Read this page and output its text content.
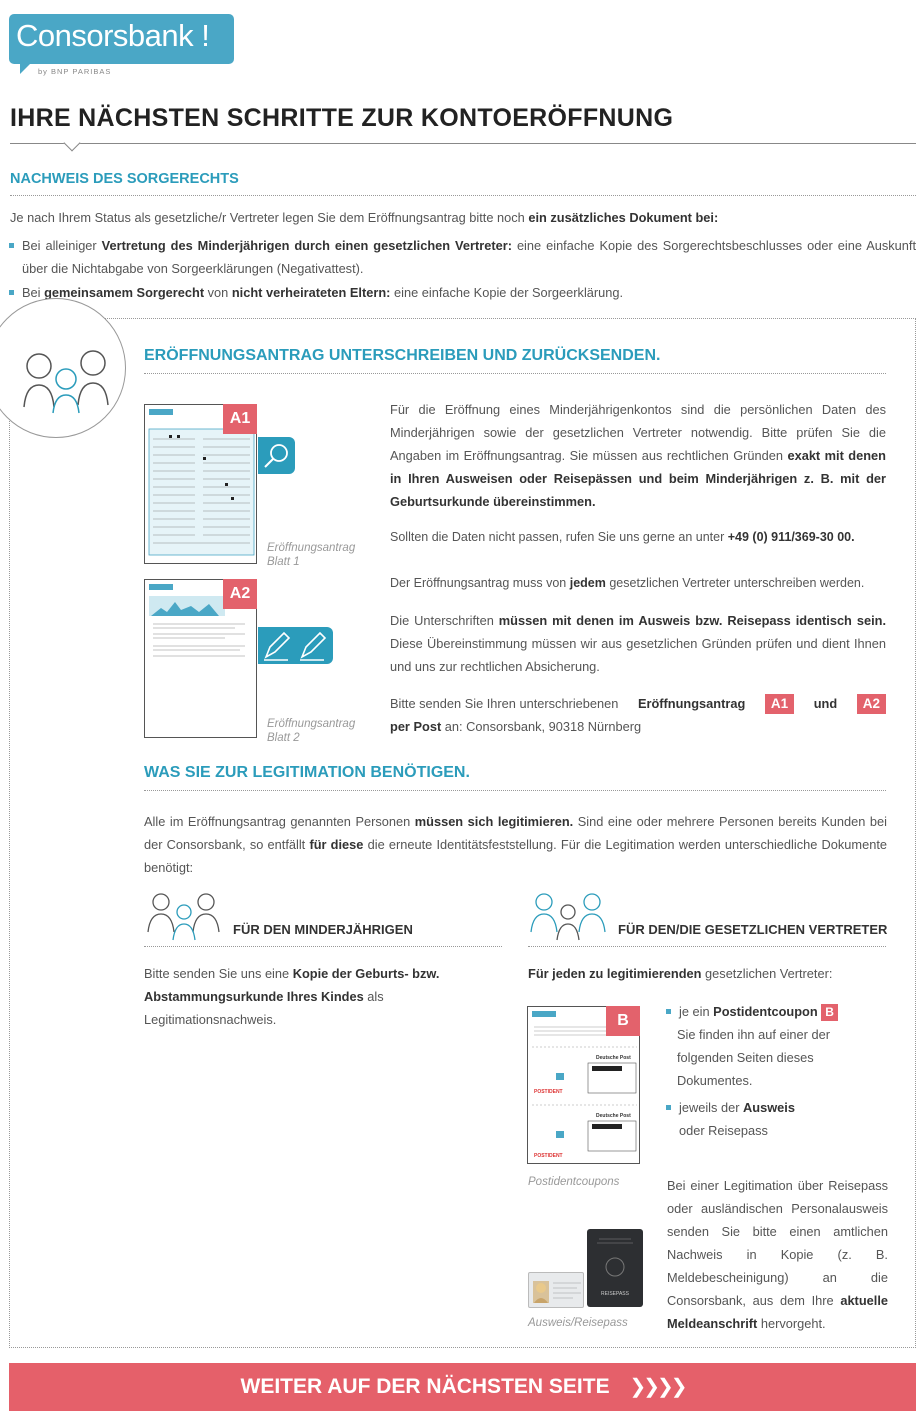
Consorsbank !
by BNP PARIBAS
IHRE NÄCHSTEN SCHRITTE ZUR KONTOERÖFFNUNG
NACHWEIS DES SORGERECHTS
Je nach Ihrem Status als gesetzliche/r Vertreter legen Sie dem Eröffnungsantrag bitte noch ein zusätzliches Dokument bei:
Bei alleiniger Vertretung des Minderjährigen durch einen gesetzlichen Vertreter: eine einfache Kopie des Sorgerechtsbeschlusses oder eine Auskunft über die Nichtabgabe von Sorgeerklärungen (Negativattest).
Bei gemeinsamem Sorgerecht von nicht verheirateten Eltern: eine einfache Kopie der Sorgeerklärung.
ERÖFFNUNGSANTRAG UNTERSCHREIBEN UND ZURÜCKSENDEN.
A1
Eröffnungsantrag
Blatt 1
A2
Eröffnungsantrag
Blatt 2
Für die Eröffnung eines Minderjährigenkontos sind die persönlichen Daten des Minderjährigen sowie der gesetzlichen Vertreter notwendig. Bitte prüfen Sie die Angaben im Eröffnungsantrag. Sie müssen aus rechtlichen Gründen exakt mit denen in Ihren Ausweisen oder Reisepässen und beim Minderjährigen z. B. mit der Geburtsurkunde übereinstimmen.
Sollten die Daten nicht passen, rufen Sie uns gerne an unter +49 (0) 911/369-30 00.
Der Eröffnungsantrag muss von jedem gesetzlichen Vertreter unterschreiben werden.
Die Unterschriften müssen mit denen im Ausweis bzw. Reisepass identisch sein. Diese Übereinstimmung müssen wir aus gesetzlichen Gründen prüfen und dient Ihnen und uns zur rechtlichen Absicherung.
Bitte senden Sie Ihren unterschriebenen Eröffnungsantrag	A1	und	A2
per Post an: Consorsbank, 90318 Nürnberg
WAS SIE ZUR LEGITIMATION BENÖTIGEN.
Alle im Eröffnungsantrag genannten Personen müssen sich legitimieren. Sind eine oder mehrere Personen bereits Kunden bei der Consorsbank, so entfällt für diese die erneute Identitätsfeststellung. Für die Legitimation werden unterschiedliche Dokumente benötigt:
FÜR DEN MINDERJÄHRIGEN
Bitte senden Sie uns eine Kopie der Geburts- bzw. Abstammungsurkunde Ihres Kindes als Legitimationsnachweis.
FÜR DEN/DIE GESETZLICHEN VERTRETER
Für jeden zu legitimierenden gesetzlichen Vertreter:
Deutsche Post
POSTIDENT
Deutsche Post
POSTIDENT
B
Postidentcoupons
je ein Postidentcoupon B
Sie finden ihn auf einer der folgenden Seiten dieses Dokumentes.
jeweils der Ausweis
oder Reisepass
REISEPASS
Ausweis/Reisepass
Bei einer Legitimation über Reisepass oder ausländischen Personalausweis senden Sie bitte einen amtlichen Nachweis in Kopie (z. B. Meldebescheinigung) an die Consorsbank, aus dem Ihre aktuelle Meldeanschrift hervorgeht.
WEITER AUF DER NÄCHSTEN SEITE ❯❯❯❯
